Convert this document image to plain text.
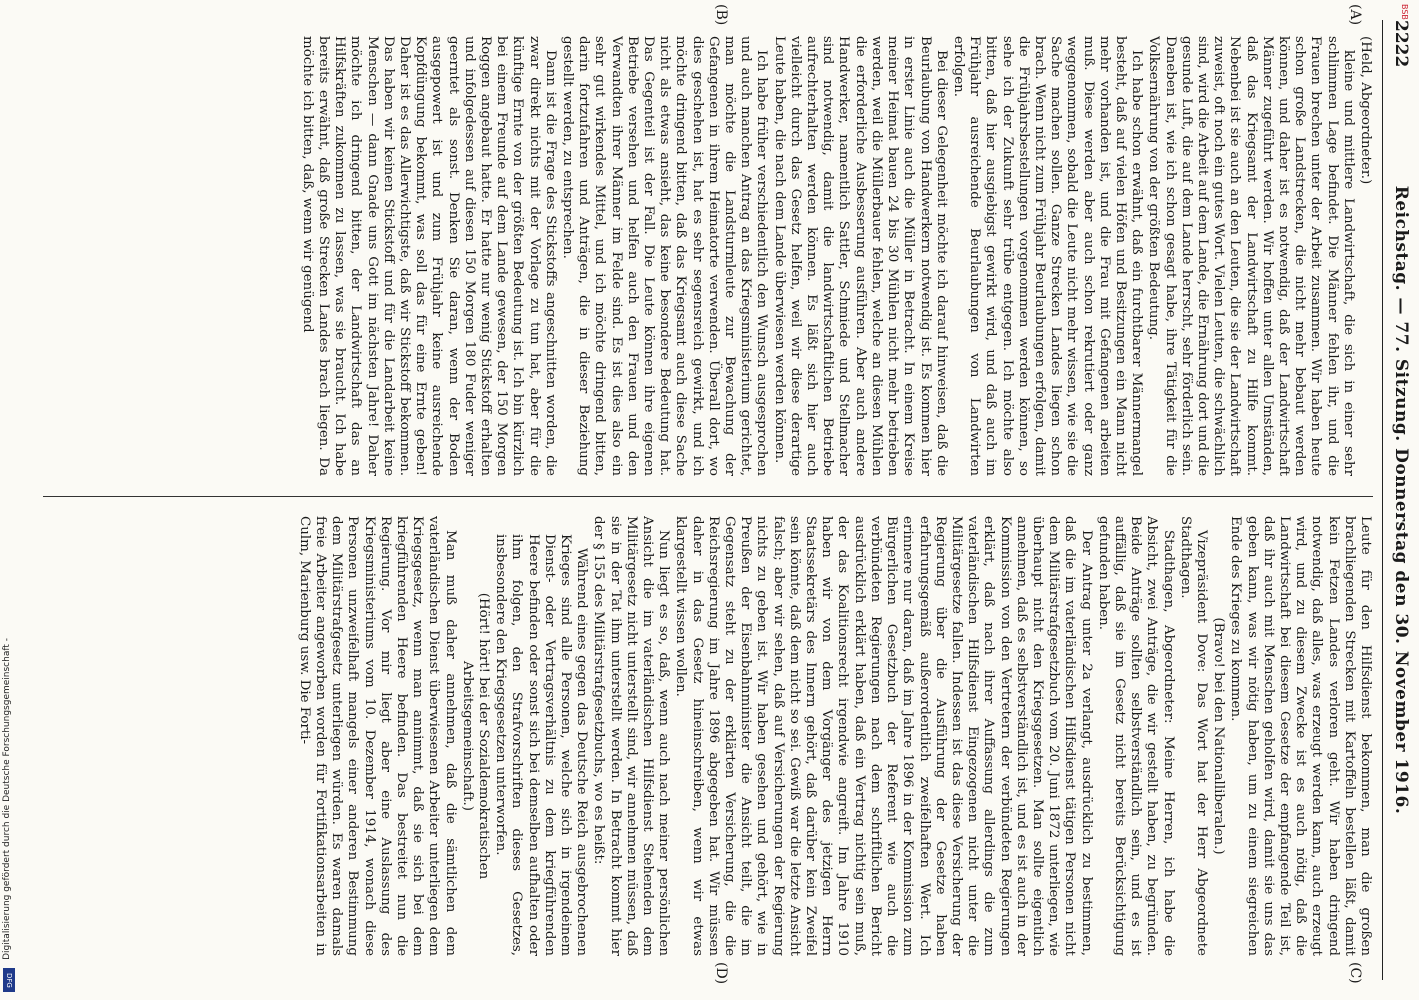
2222
Reichstag. — 77. Sitzung. Donnerstag den 30. November 1916.
(A)
(B)
(C)
(D)

(Held, Abgeordneter.)

kleine und mittlere Landwirtschaft, die sich in einer sehr schlimmen Lage befindet. Die Männer fehlen ihr, und die Frauen brechen unter der Arbeit zusammen. Wir haben heute schon große Landstrecken, die nicht mehr bebaut werden können, und daher ist es notwendig, daß der Landwirtschaft Männer zugeführt werden. Wir hoffen unter allen Umständen, daß das Kriegsamt der Landwirtschaft zu Hilfe kommt. Nebenbei ist sie auch an den Leuten, die sie der Landwirtschaft zuweist, oft noch ein gutes Wort. Vielen Leuten, die schwächlich sind, wird die Arbeit auf dem Lande, die Ernährung dort und die gesunde Luft, die auf dem Lande herrscht, sehr förderlich sein. Daneben ist, wie ich schon gesagt habe, ihre Tätigkeit für die Volksernährung von der größten Bedeutung.

Ich habe schon erwähnt, daß ein furchtbarer Männermangel besteht, daß auf vielen Höfen und Besitzungen ein Mann nicht mehr vorhanden ist, und die Frau mit Gefangenen arbeiten muß. Diese werden aber auch schon rekrutiert oder ganz weggenommen, sobald die Leute nicht mehr wissen, wie sie die Sache machen sollen. Ganze Strecken Landes liegen schon brach. Wenn nicht zum Frühjahr Beurlaubungen erfolgen, damit die Frühjahrsbestellungen vorgenommen werden können, so sehe ich der Zukunft sehr trübe entgegen. Ich möchte also bitten, daß hier ausgiebigst gewirkt wird, und daß auch im Frühjahr ausreichende Beurlaubungen von Landwirten erfolgen.

Bei dieser Gelegenheit möchte ich darauf hinweisen, daß die Beurlaubung von Handwerkern notwendig ist. Es kommen hier in erster Linie auch die Müller in Betracht. In einem Kreise meiner Heimat bauen 24 bis 30 Mühlen nicht mehr betrieben werden, weil die Müllerbauer fehlen, welche an diesen Mühlen die erforderliche Ausbesserung ausführen. Aber auch andere Handwerker, namentlich Sattler, Schmiede und Stellmacher sind notwendig, damit die landwirtschaftlichen Betriebe aufrechterhalten werden können. Es läßt sich hier auch vielleicht durch das Gesetz helfen, weil wir diese derartige Leute haben, die nach dem Lande überwiesen werden können.

Ich habe früher verschiedentlich den Wunsch ausgesprochen und auch manchen Antrag an das Kriegsministerium gerichtet, man möchte die Landsturmleute zur Bewachung der Gefangenen in ihrem Heimatorte verwenden. Überall dort, wo dies geschehen ist, hat es sehr segensreich gewirkt, und ich möchte dringend bitten, daß das Kriegsamt auch diese Sache nicht als etwas ansieht, das keine besondere Bedeutung hat. Das Gegenteil ist der Fall. Die Leute können ihre eigenen Betriebe versehen und helfen auch den Frauen und den Verwandten ihrer Männer im Felde sind. Es ist dies also ein sehr gut wirkendes Mittel, und ich möchte dringend bitten, darin fortzufahren und Anträgen, die in dieser Beziehung gestellt werden, zu entsprechen.

Dann ist die Frage des Stickstoffs angeschnitten worden, die zwar direkt nichts mit der Vorlage zu tun hat, aber für die künftige Ernte von der größten Bedeutung ist. Ich bin kürzlich bei einem Freunde auf dem Lande gewesen, der 150 Morgen Roggen angebaut hatte. Er hatte nur wenig Stickstoff erhalten und infolgedessen auf diesen 150 Morgen 180 Fuder weniger geerntet als sonst. Denken Sie daran, wenn der Boden ausgepowert ist und zum Frühjahr keine ausreichende Kopfdüngung bekommt, was soll das für eine Ernte geben! Daher ist es das Allerwichtigste, daß wir Stickstoff bekommen. Das haben wir keinen Stickstoff und für die Landarbeit keine Menschen — dann Gnade uns Gott im nächsten Jahre! Daher möchte ich dringend bitten, der Landwirtschaft das an Hilfskräften zukommen zu lassen, was sie braucht. Ich habe bereits erwähnt, daß große Strecken Landes brach liegen. Da möchte ich bitten, daß, wenn wir genügend

Leute für den Hilfsdienst bekommen, man die großen brachliegenden Strecken mit Kartoffeln bestellen läßt, damit kein Fetzen Landes verloren geht. Wir haben dringend notwendig, daß alles, was erzeugt werden kann, auch erzeugt wird, und zu diesem Zwecke ist es auch nötig, daß die Landwirtschaft bei diesem Gesetze der empfangende Teil ist, daß ihr auch mit Menschen geholfen wird, damit sie uns das geben kann, was wir nötig haben, um zu einem siegreichen Ende des Krieges zu kommen.

(Bravo! bei den Nationalliberalen.)

Vizepräsident Dove: Das Wort hat der Herr Abgeordnete Stadthagen.

Stadthagen, Abgeordneter: Meine Herren, ich habe die Absicht, zwei Anträge, die wir gestellt haben, zu begründen. Beide Anträge sollten selbstverständlich sein, und es ist auffällig, daß sie im Gesetz nicht bereits Berücksichtigung gefunden haben.

Der Antrag unter 2a verlangt, ausdrücklich zu bestimmen, daß die im vaterländischen Hilfsdienst tätigen Personen nicht dem Militärstrafgesetzbuch vom 20. Juni 1872 unterliegen, wie überhaupt nicht den Kriegsgesetzen. Man sollte eigentlich annehmen, daß es selbstverständlich ist, und es ist auch in der Kommission von den Vertretern der verbündeten Regierungen erklärt, daß nach ihrer Auffassung allerdings die zum vaterländischen Hilfsdienst Eingezogenen nicht unter die Militärgesetze fallen. Indessen ist das diese Versicherung der Regierung über die Ausführung der Gesetze haben erfahrungsgemäß außerordentlich zweifelhaften Wert. Ich erinnere nur daran, daß im Jahre 1896 in der Kommission zum Bürgerlichen Gesetzbuch der Referent wie auch die verbündeten Regierungen nach dem schriftlichen Bericht ausdrücklich erklärt haben, daß ein Vertrag nichtig sein muß, der das Koalitionsrecht irgendwie angreift. Im Jahre 1910 haben wir von dem Vorgänger des jetzigen Herrn Staatssekretärs des Innern gehört, daß darüber kein Zweifel sein könnte, daß dem nicht so sei. Gewiß war die letzte Ansicht falsch; aber wir sehen, daß auf Versicherungen der Regierung nichts zu geben ist. Wir haben gesehen und gehört, wie in Preußen der Eisenbahnminister die Ansicht teilt, die im Gegensatz steht zu der erklärten Versicherung, die die Reichsregierung im Jahre 1896 abgegeben hat. Wir müssen daher in das Gesetz hineinschreiben, wenn wir etwas klargestellt wissen wollen.

Nun liegt es so, daß, wenn auch nach meiner persönlichen Ansicht die im vaterländischen Hilfsdienst Stehenden dem Militärgesetz nicht unterstellt sind, wir annehmen müssen, daß sie in der Tat ihm unterstellt werden. In Betracht kommt hier der § 155 des Militärstrafgesetzbuchs, wo es heißt:

Während eines gegen das Deutsche Reich ausgebrochenen Krieges sind alle Personen, welche sich in irgendeinem Dienst- oder Vertragsverhältnis zu dem kriegführenden Heere befinden oder sonst sich bei demselben aufhalten oder ihm folgen, den Strafvorschriften dieses Gesetzes, insbesondere den Kriegsgesetzen unterworfen.

(Hört! hört! bei der Sozialdemokratischen Arbeitsgemeinschaft.)

Man muß daher annehmen, daß die sämtlichen dem vaterländischen Dienst überwiesenen Arbeiter unterliegen dem Kriegsgesetz, wenn man annimmt, daß sie sich bei dem kriegführenden Heere befinden. Das bestreitet nun die Regierung. Vor mir liegt aber eine Auslassung des Kriegsministeriums vom 10. Dezember 1914, wonach diese Personen unzweifelhaft mangels einer anderen Bestimmung dem Militärstrafgesetz unterliegen würden. Es waren damals freie Arbeiter angeworben worden für Fortifikationsarbeiten in Culm, Marienburg usw. Die Forti-

BSB
Digitalisierung gefördert durch die Deutsche Forschungsgemeinschaft -
DFG
